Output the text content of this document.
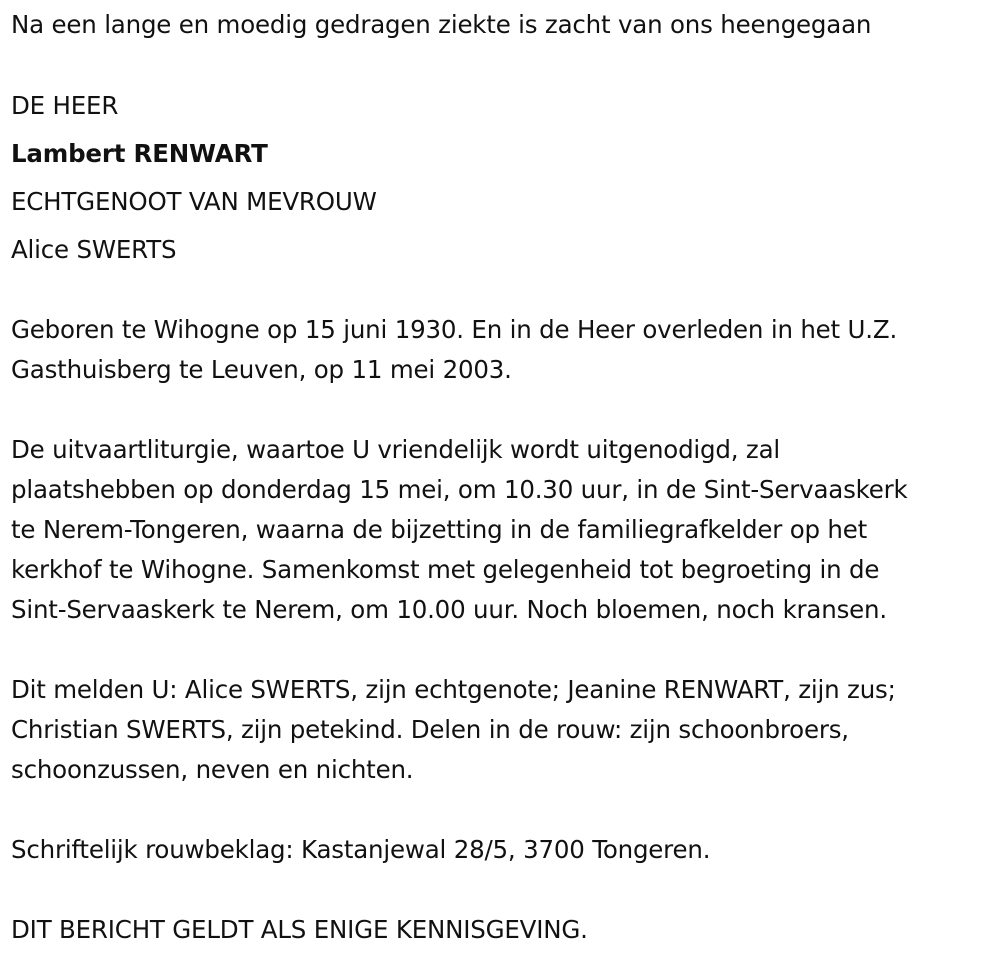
Na een lange en moedig gedragen ziekte is zacht van ons heengegaan
DE HEER
Lambert RENWART
ECHTGENOOT VAN MEVROUW
Alice SWERTS
Geboren te Wihogne op 15 juni 1930. En in de Heer overleden in het U.Z.
Gasthuisberg te Leuven, op 11 mei 2003.
De uitvaartliturgie, waartoe U vriendelijk wordt uitgenodigd, zal
plaatshebben op donderdag 15 mei, om 10.30 uur, in de Sint-Servaaskerk
te Nerem-Tongeren, waarna de bijzetting in de familiegrafkelder op het
kerkhof te Wihogne. Samenkomst met gelegenheid tot begroeting in de
Sint-Servaaskerk te Nerem, om 10.00 uur. Noch bloemen, noch kransen.
Dit melden U: Alice SWERTS, zijn echtgenote; Jeanine RENWART, zijn zus;
Christian SWERTS, zijn petekind. Delen in de rouw: zijn schoonbroers,
schoonzussen, neven en nichten.
Schriftelijk rouwbeklag: Kastanjewal 28/5, 3700 Tongeren.
DIT BERICHT GELDT ALS ENIGE KENNISGEVING.
